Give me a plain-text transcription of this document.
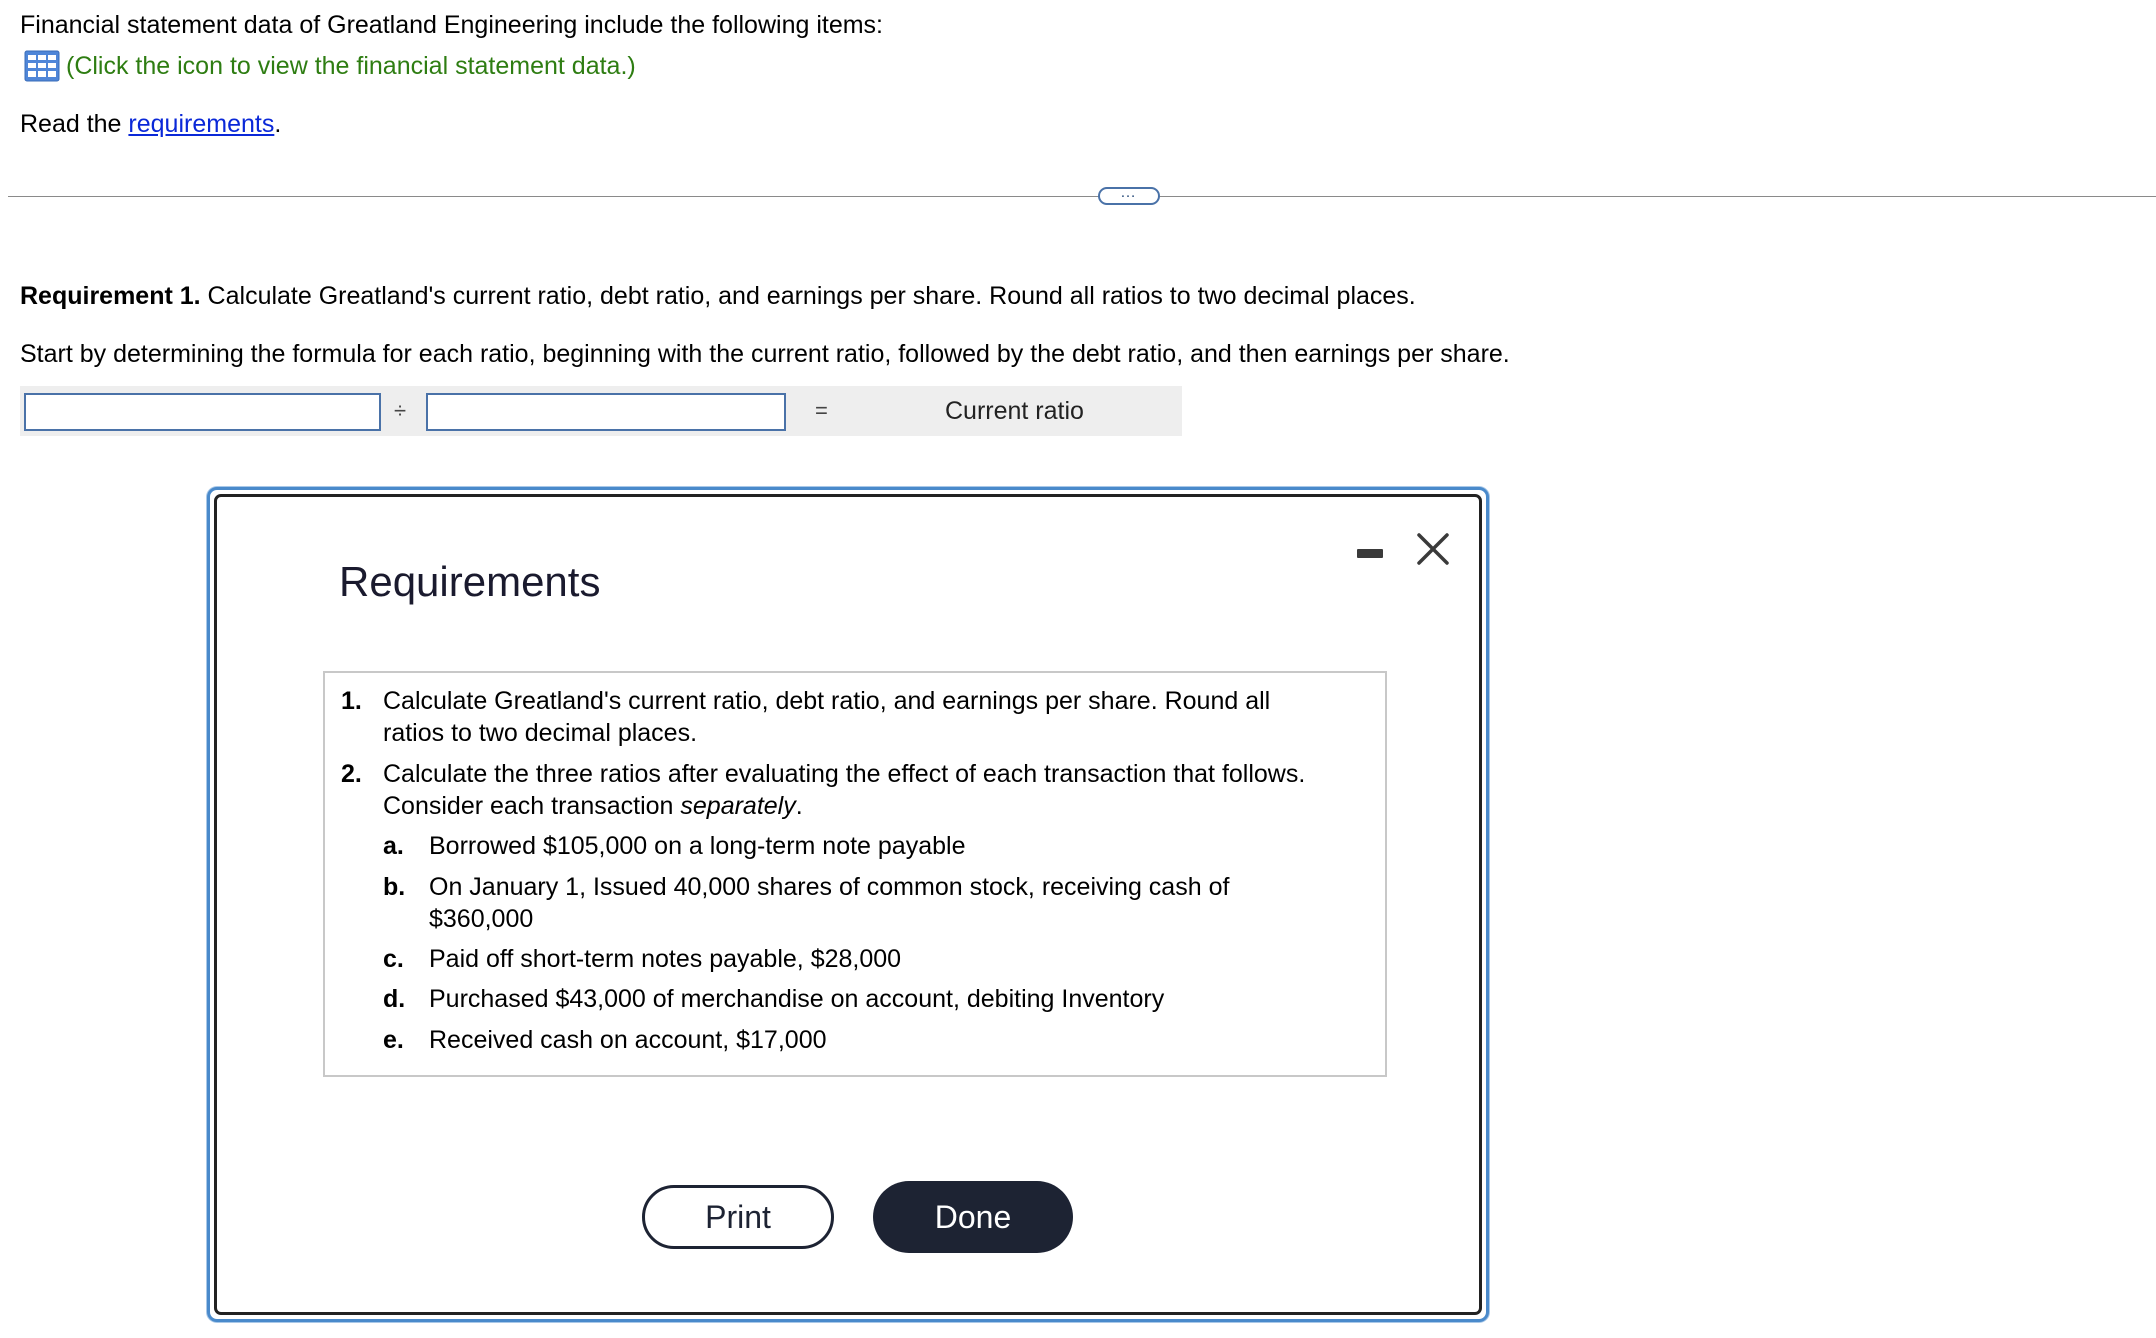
Financial statement data of Greatland Engineering include the following items:
(Click the icon to view the financial statement data.)
Read the requirements.
…
Requirement 1. Calculate Greatland's current ratio, debt ratio, and earnings per share. Round all ratios to two decimal places.
Start by determining the formula for each ratio, beginning with the current ratio, followed by the debt ratio, and then earnings per share.
÷	=	Current ratio
Requirements
1. Calculate Greatland's current ratio, debt ratio, and earnings per share. Round all
ratios to two decimal places.
2. Calculate the three ratios after evaluating the effect of each transaction that follows.
Consider each transaction separately.
a. Borrowed $105,000 on a long-term note payable
b. On January 1, Issued 40,000 shares of common stock, receiving cash of
$360,000
c. Paid off short-term notes payable, $28,000
d. Purchased $43,000 of merchandise on account, debiting Inventory
e. Received cash on account, $17,000
Print	Done
